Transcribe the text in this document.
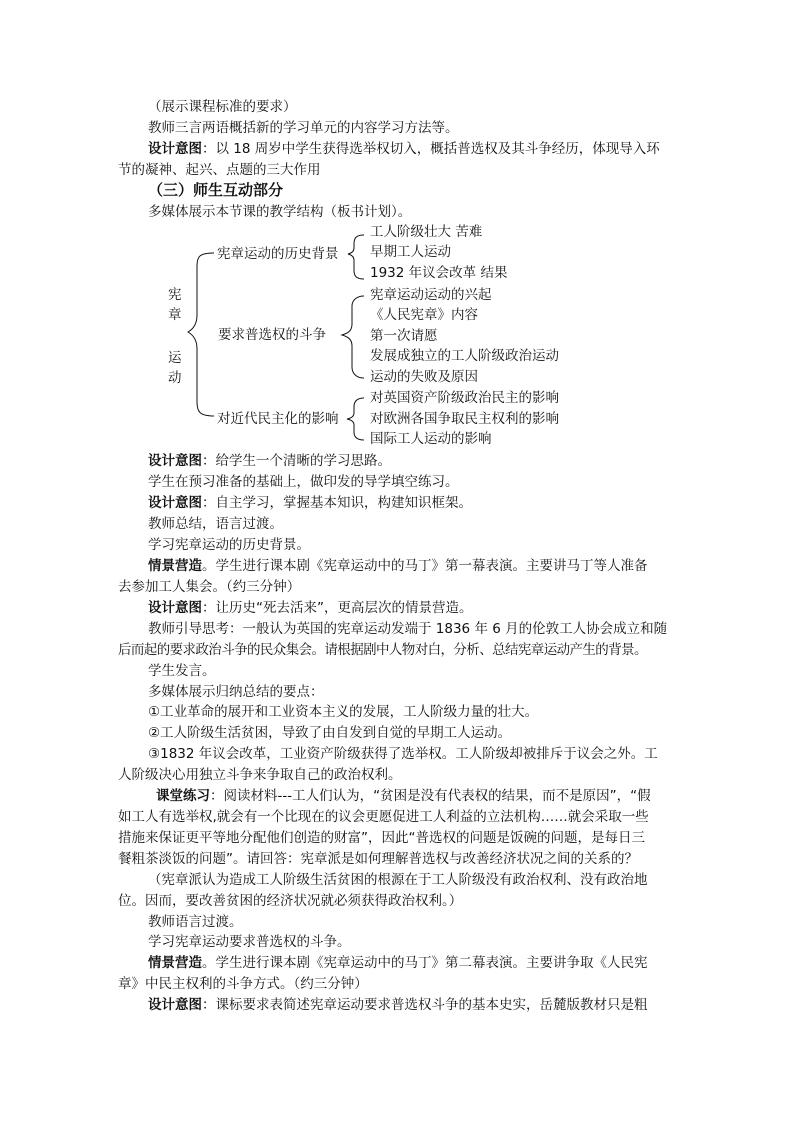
（展示课程标准的要求）
教师三言两语概括新的学习单元的内容学习方法等。
设计意图：以 18 周岁中学生获得选举权切入，概括普选权及其斗争经历，体现导入环
节的凝神、起兴、点题的三大作用
（三）师生互动部分
多媒体展示本节课的教学结构（板书计划）。
宪
章
运
动
宪章运动的历史背景
要求普选权的斗争
对近代民主化的影响
工人阶级壮大 苦难
早期工人运动
1932 年议会改革 结果
宪章运动运动的兴起
《人民宪章》内容
第一次请愿
发展成独立的工人阶级政治运动
运动的失败及原因
对英国资产阶级政治民主的影响
对欧洲各国争取民主权利的影响
国际工人运动的影响
设计意图：给学生一个清晰的学习思路。
学生在预习准备的基础上，做印发的导学填空练习。
设计意图：自主学习，掌握基本知识，构建知识框架。
教师总结，语言过渡。
学习宪章运动的历史背景。
情景营造。学生进行课本剧《宪章运动中的马丁》第一幕表演。主要讲马丁等人准备
去参加工人集会。（约三分钟）
设计意图：让历史“死去活来”，更高层次的情景营造。
教师引导思考：一般认为英国的宪章运动发端于 1836 年 6 月的伦敦工人协会成立和随
后而起的要求政治斗争的民众集会。请根据剧中人物对白，分析、总结宪章运动产生的背景。
学生发言。
多媒体展示归纳总结的要点：
①工业革命的展开和工业资本主义的发展，工人阶级力量的壮大。
②工人阶级生活贫困，导致了由自发到自觉的早期工人运动。
③1832 年议会改革，工业资产阶级获得了选举权。工人阶级却被排斥于议会之外。工
人阶级决心用独立斗争来争取自己的政治权利。
课堂练习：阅读材料---工人们认为，“贫困是没有代表权的结果，而不是原因”，“假
如工人有选举权,就会有一个比现在的议会更愿促进工人利益的立法机构……就会采取一些
措施来保证更平等地分配他们创造的财富”，因此“普选权的问题是饭碗的问题，是每日三
餐粗茶淡饭的问题”。请回答：宪章派是如何理解普选权与改善经济状况之间的关系的？
（宪章派认为造成工人阶级生活贫困的根源在于工人阶级没有政治权利、没有政治地
位。因而，要改善贫困的经济状况就必须获得政治权利。）
教师语言过渡。
学习宪章运动要求普选权的斗争。
情景营造。学生进行课本剧《宪章运动中的马丁》第二幕表演。主要讲争取《人民宪
章》中民主权利的斗争方式。（约三分钟）
设计意图：课标要求表简述宪章运动要求普选权斗争的基本史实，岳麓版教材只是粗
